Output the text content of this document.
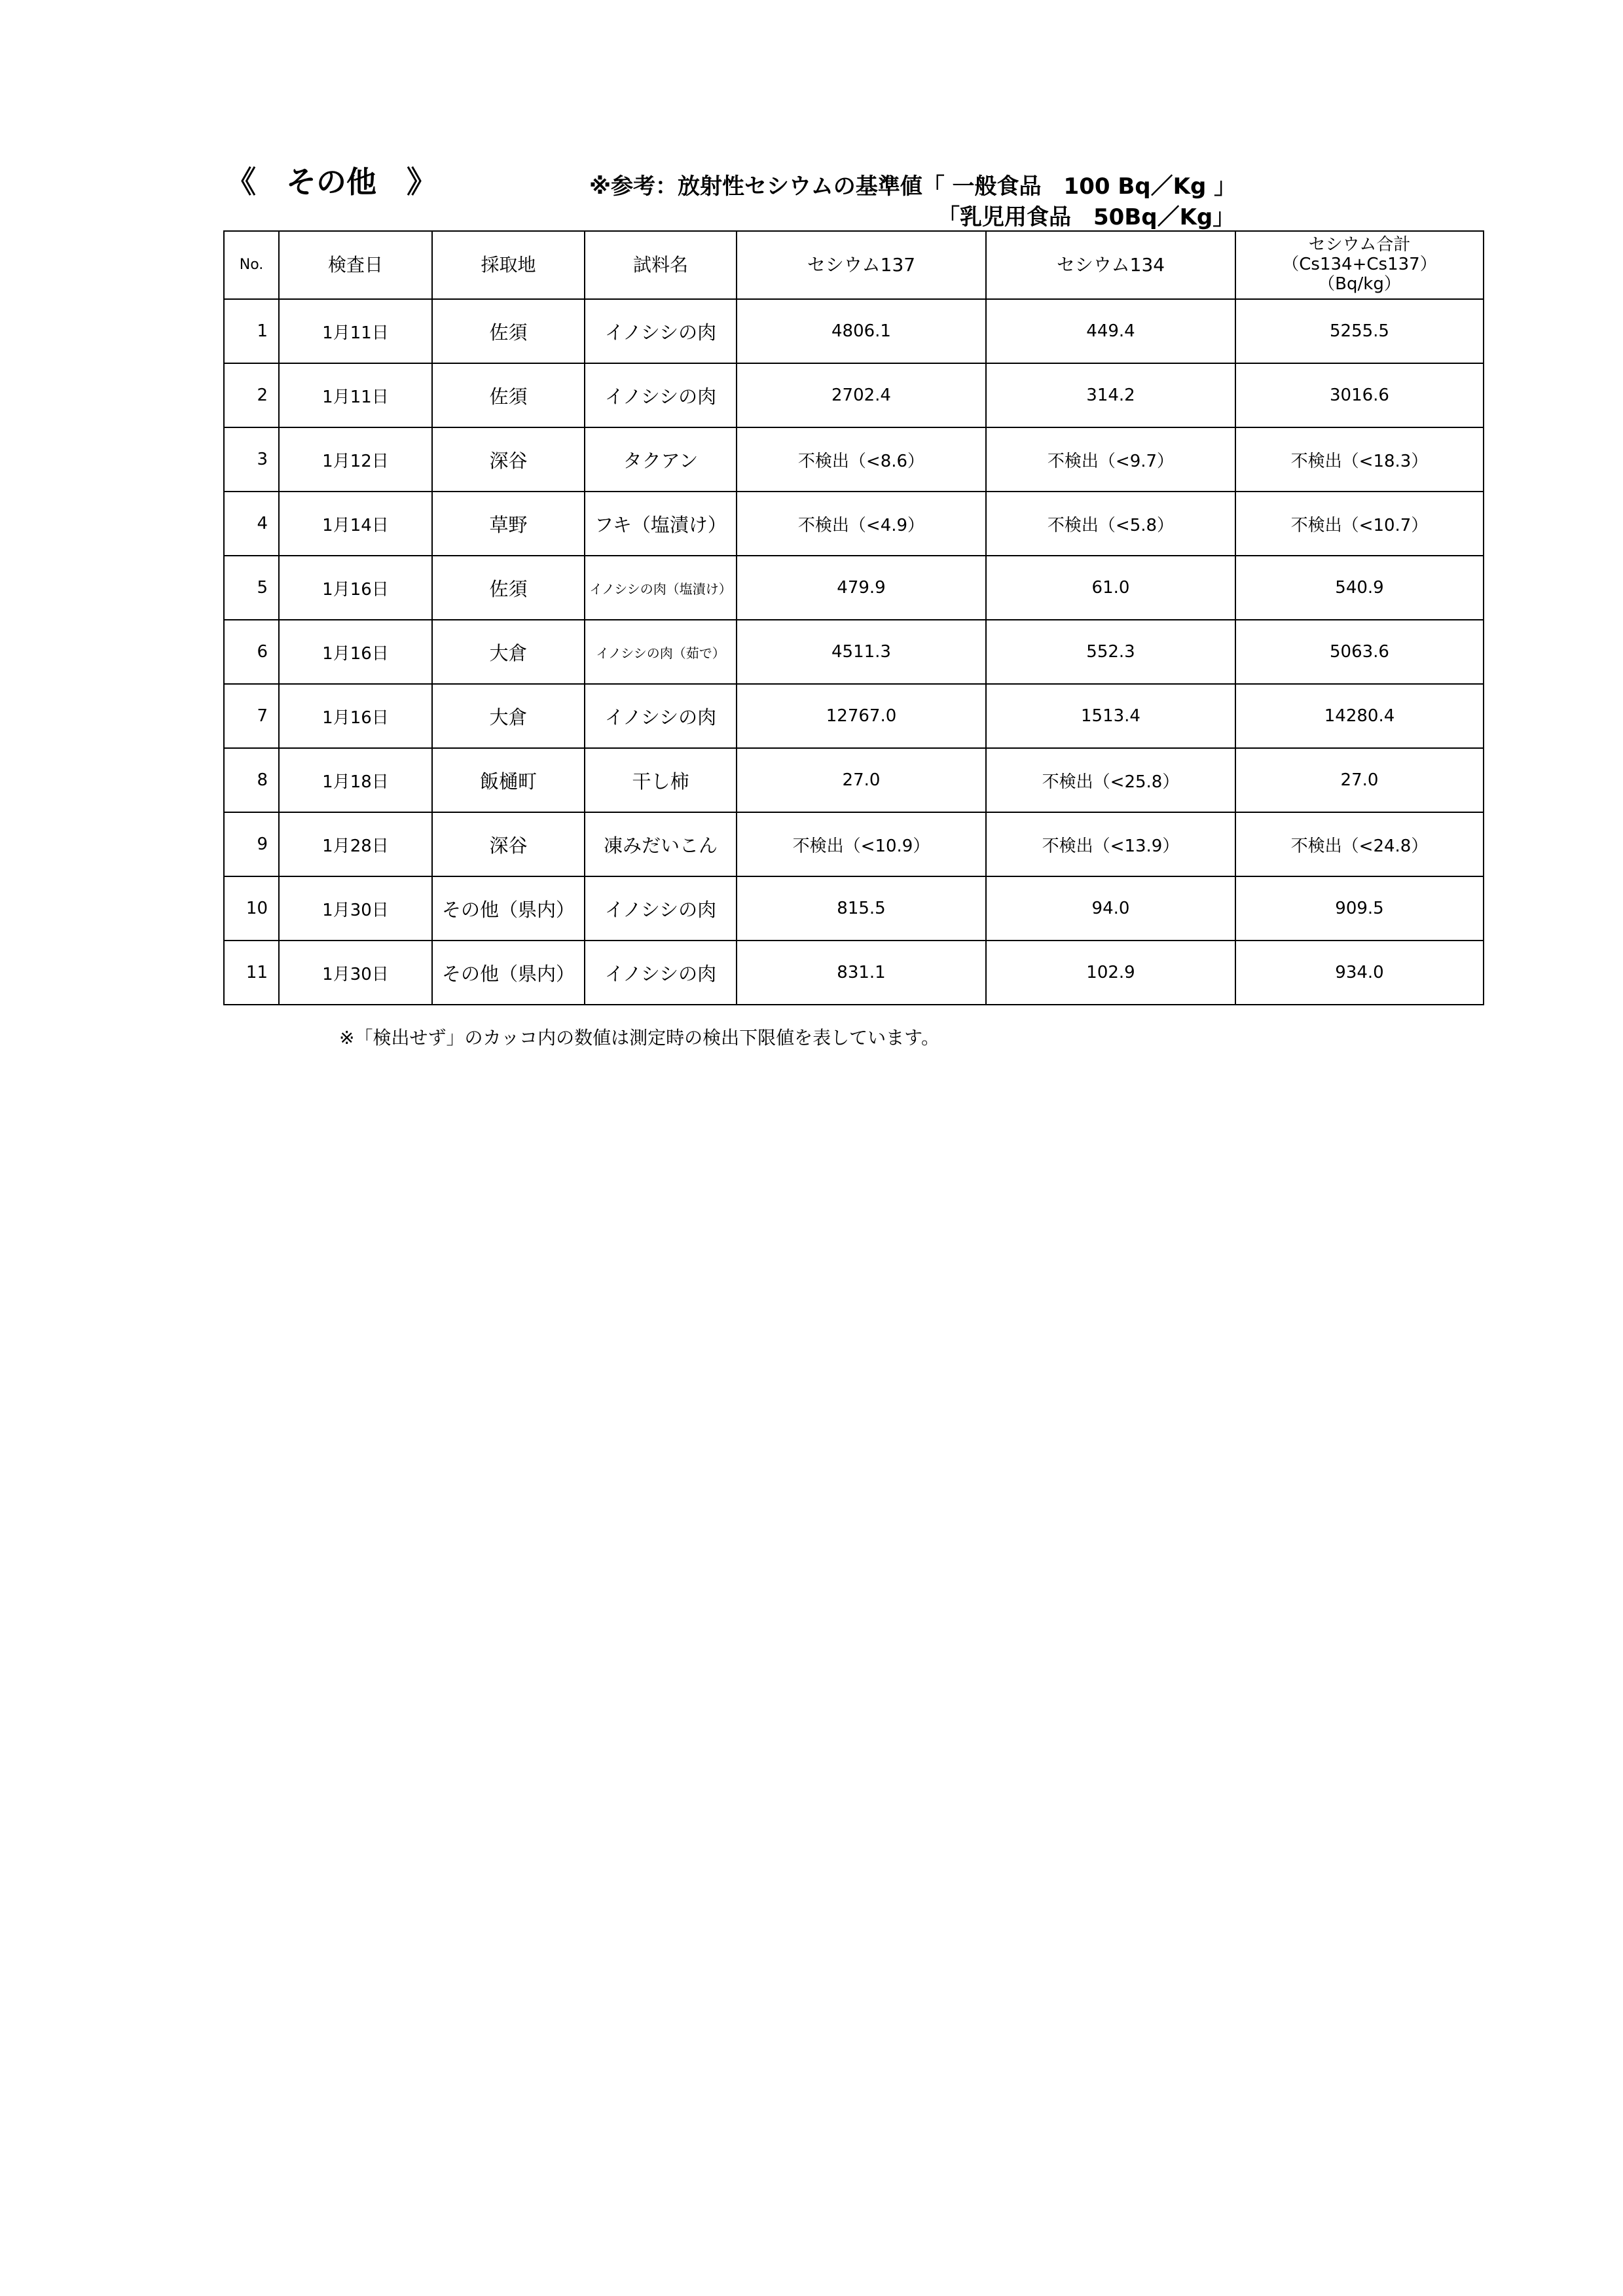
《　その他　》	※参考：放射性セシウムの基準値「 一般食品　100 Bq／Kg 」
「乳児用食品　50Bq／Kg」
No.	検査日	採取地	試料名	セシウム137	セシウム134	セシウム合計
（Cs134+Cs137）
（Bq/kg）

1	1月11日	佐須	イノシシの肉	4806.1	449.4	5255.5
2	1月11日	佐須	イノシシの肉	2702.4	314.2	3016.6
3	1月12日	深谷	タクアン	不検出（<8.6）	不検出（<9.7）	不検出（<18.3）
4	1月14日	草野	フキ（塩漬け）	不検出（<4.9）	不検出（<5.8）	不検出（<10.7）
5	1月16日	佐須	イノシシの肉（塩漬け）	479.9	61.0	540.9
6	1月16日	大倉	イノシシの肉（茹で）	4511.3	552.3	5063.6
7	1月16日	大倉	イノシシの肉	12767.0	1513.4	14280.4
8	1月18日	飯樋町	干し柿	27.0	不検出（<25.8）	27.0
9	1月28日	深谷	凍みだいこん	不検出（<10.9）	不検出（<13.9）	不検出（<24.8）
10	1月30日	その他（県内）	イノシシの肉	815.5	94.0	909.5
11	1月30日	その他（県内）	イノシシの肉	831.1	102.9	934.0
※「検出せず」のカッコ内の数値は測定時の検出下限値を表しています。
